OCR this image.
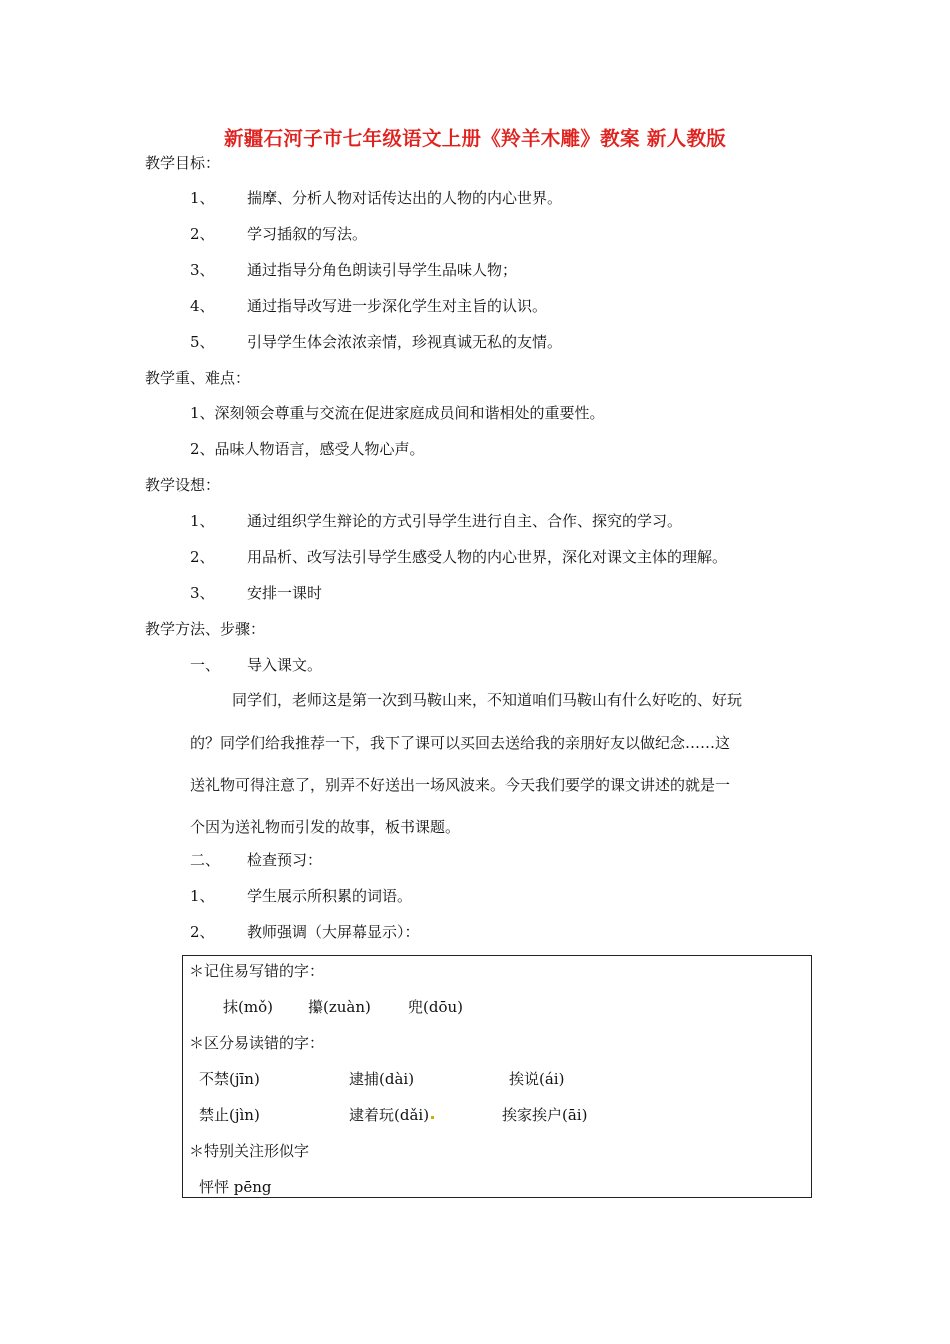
新疆石河子市七年级语文上册《羚羊木雕》教案 新人教版
教学目标：
1、 揣摩、分析人物对话传达出的人物的内心世界。
2、 学习插叙的写法。
3、 通过指导分角色朗读引导学生品味人物；
4、 通过指导改写进一步深化学生对主旨的认识。
5、 引导学生体会浓浓亲情，珍视真诚无私的友情。
教学重、难点：
1、深刻领会尊重与交流在促进家庭成员间和谐相处的重要性。
2、品味人物语言，感受人物心声。
教学设想：
1、 通过组织学生辩论的方式引导学生进行自主、合作、探究的学习。
2、 用品析、改写法引导学生感受人物的内心世界，深化对课文主体的理解。
3、 安排一课时
教学方法、步骤：
一、 导入课文。
同学们，老师这是第一次到马鞍山来，不知道咱们马鞍山有什么好吃的、好玩
的？同学们给我推荐一下，我下了课可以买回去送给我的亲朋好友以做纪念……这
送礼物可得注意了，别弄不好送出一场风波来。今天我们要学的课文讲述的就是一
个因为送礼物而引发的故事，板书课题。
二、 检查预习：
1、 学生展示所积累的词语。
2、 教师强调（大屏幕显示）：
＊记住易写错的字：
抹(mǒ) 攥(zuàn) 兜(dōu)
＊区分易读错的字：
不禁(jīn)	逮捕(dài)	挨说(ái)
禁止(jìn)	逮着玩(dǎi)	挨家挨户(āi)
＊特别关注形似字
怦怦 pēng
